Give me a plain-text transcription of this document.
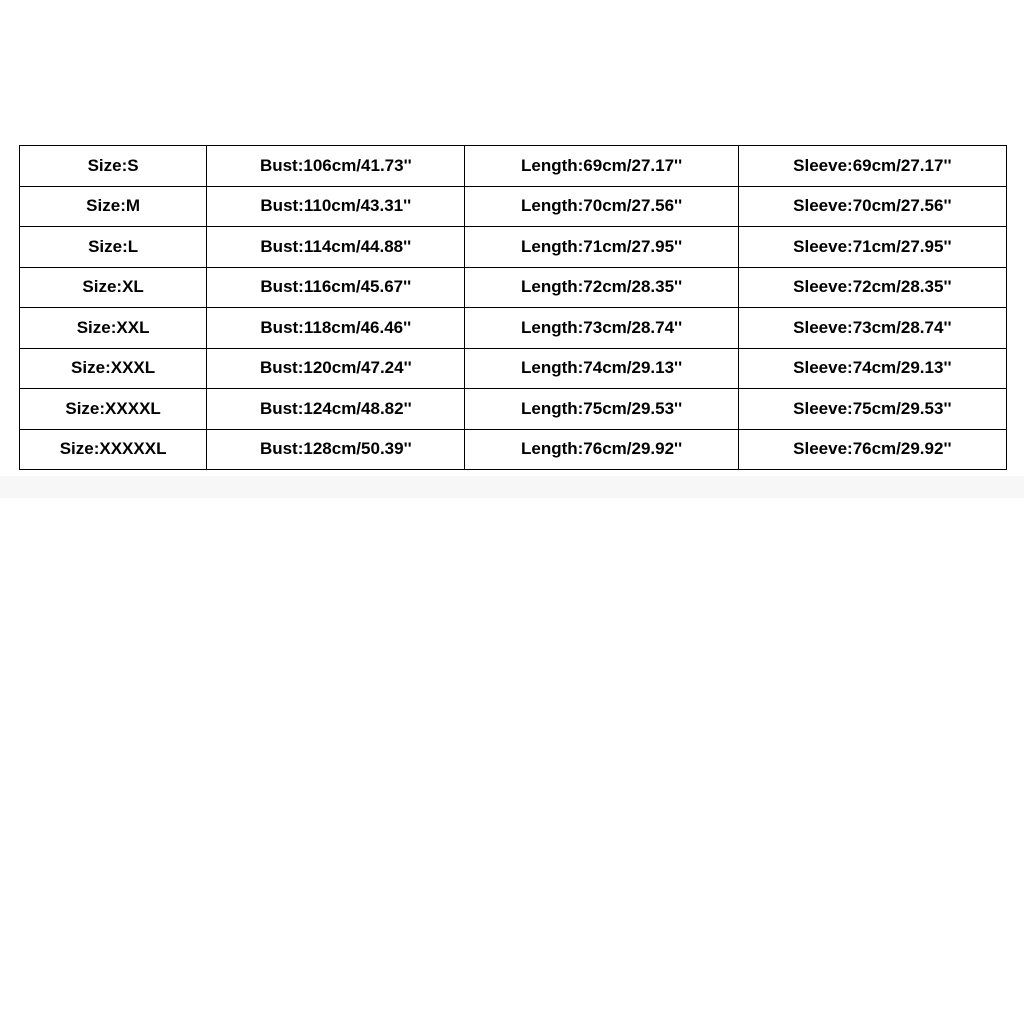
Size:S	Bust:106cm/41.73''	Length:69cm/27.17''	Sleeve:69cm/27.17''
Size:M	Bust:110cm/43.31''	Length:70cm/27.56''	Sleeve:70cm/27.56''
Size:L	Bust:114cm/44.88''	Length:71cm/27.95''	Sleeve:71cm/27.95''
Size:XL	Bust:116cm/45.67''	Length:72cm/28.35''	Sleeve:72cm/28.35''
Size:XXL	Bust:118cm/46.46''	Length:73cm/28.74''	Sleeve:73cm/28.74''
Size:XXXL	Bust:120cm/47.24''	Length:74cm/29.13''	Sleeve:74cm/29.13''
Size:XXXXL	Bust:124cm/48.82''	Length:75cm/29.53''	Sleeve:75cm/29.53''
Size:XXXXXL	Bust:128cm/50.39''	Length:76cm/29.92''	Sleeve:76cm/29.92''
